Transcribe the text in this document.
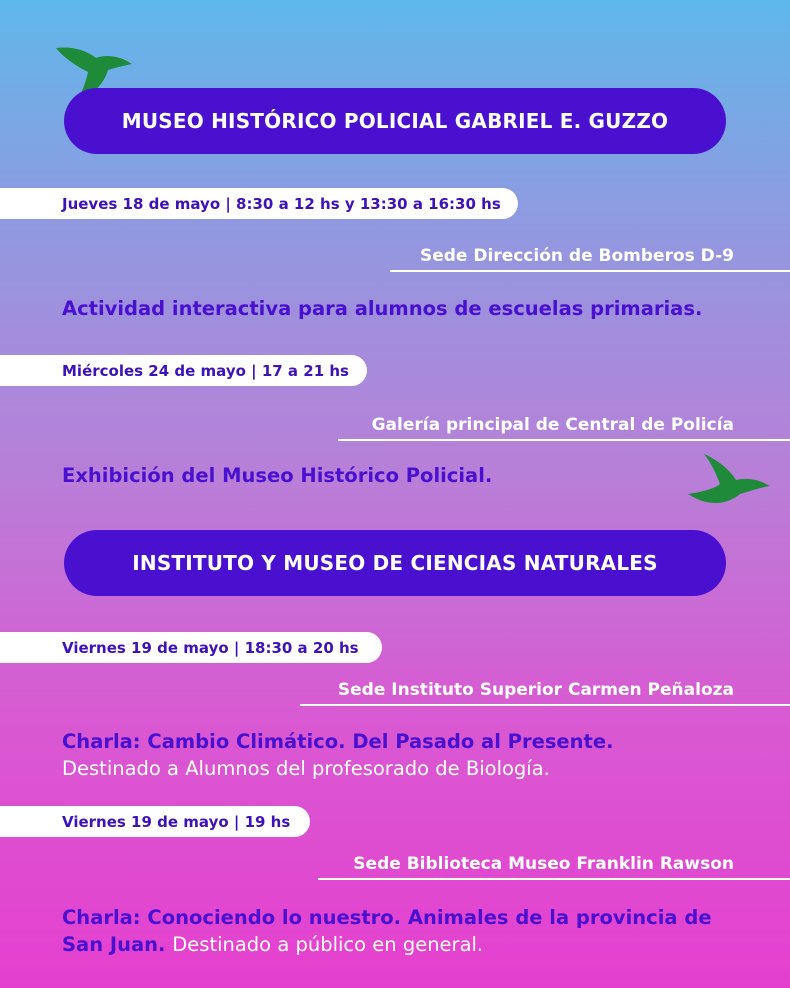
MUSEO HISTÓRICO POLICIAL GABRIEL E. GUZZO
Jueves 18 de mayo | 8:30 a 12 hs y 13:30 a 16:30 hs
Sede Dirección de Bomberos D-9
Actividad interactiva para alumnos de escuelas primarias.
Miércoles 24 de mayo | 17 a 21 hs
Galería principal de Central de Policía
Exhibición del Museo Histórico Policial.
INSTITUTO Y MUSEO DE CIENCIAS NATURALES
Viernes 19 de mayo | 18:30 a 20 hs
Sede Instituto Superior Carmen Peñaloza
Charla: Cambio Climático. Del Pasado al Presente.
Destinado a Alumnos del profesorado de Biología.
Viernes 19 de mayo | 19 hs
Sede Biblioteca Museo Franklin Rawson
Charla: Conociendo lo nuestro. Animales de la provincia de San Juan. Destinado a público en general.
